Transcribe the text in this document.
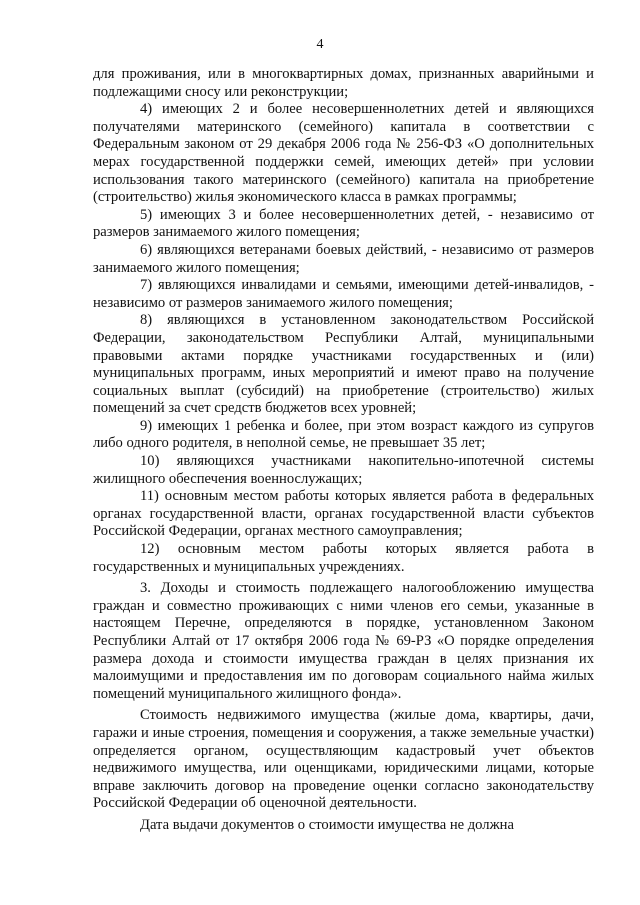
4

для проживания, или в многоквартирных домах, признанных аварийными и подлежащими сносу или реконструкции;

4) имеющих 2 и более несовершеннолетних детей и являющихся получателями материнского (семейного) капитала в соответствии с Федеральным законом от 29 декабря 2006 года № 256-ФЗ «О дополнительных мерах государственной поддержки семей, имеющих детей» при условии использования такого материнского (семейного) капитала на приобретение (строительство) жилья экономического класса в рамках программы;

5) имеющих 3 и более несовершеннолетних детей, - независимо от размеров занимаемого жилого помещения;

6) являющихся ветеранами боевых действий, - независимо от размеров занимаемого жилого помещения;

7) являющихся инвалидами и семьями, имеющими детей-инвалидов, - независимо от размеров занимаемого жилого помещения;

8) являющихся в установленном законодательством Российской Федерации, законодательством Республики Алтай, муниципальными правовыми актами порядке участниками государственных и (или) муниципальных программ, иных мероприятий и имеют право на получение социальных выплат (субсидий) на приобретение (строительство) жилых помещений за счет средств бюджетов всех уровней;

9) имеющих 1 ребенка и более, при этом возраст каждого из супругов либо одного родителя, в неполной семье, не превышает 35 лет;

10) являющихся участниками накопительно-ипотечной системы жилищного обеспечения военнослужащих;

11) основным местом работы которых является работа в федеральных органах государственной власти, органах государственной власти субъектов Российской Федерации, органах местного самоуправления;

12) основным местом работы которых является работа в государственных и муниципальных учреждениях.

3. Доходы и стоимость подлежащего налогообложению имущества граждан и совместно проживающих с ними членов его семьи, указанные в настоящем Перечне, определяются в порядке, установленном Законом Республики Алтай от 17 октября 2006 года № 69-РЗ «О порядке определения размера дохода и стоимости имущества граждан в целях признания их малоимущими и предоставления им по договорам социального найма жилых помещений муниципального жилищного фонда».

Стоимость недвижимого имущества (жилые дома, квартиры, дачи, гаражи и иные строения, помещения и сооружения, а также земельные участки) определяется органом, осуществляющим кадастровый учет объектов недвижимого имущества, или оценщиками, юридическими лицами, которые вправе заключить договор на проведение оценки согласно законодательству Российской Федерации об оценочной деятельности.

Дата выдачи документов о стоимости имущества не должна
